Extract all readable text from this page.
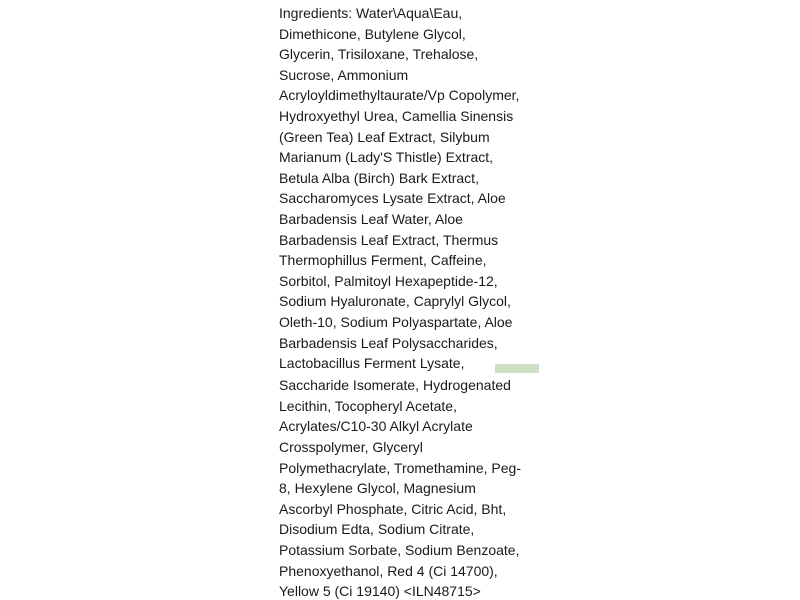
Ingredients: Water\Aqua\Eau,
Dimethicone, Butylene Glycol,
Glycerin, Trisiloxane, Trehalose,
Sucrose, Ammonium
Acryloyldimethyltaurate/Vp Copolymer,
Hydroxyethyl Urea, Camellia Sinensis
(Green Tea) Leaf Extract, Silybum
Marianum (Lady'S Thistle) Extract,
Betula Alba (Birch) Bark Extract,
Saccharomyces Lysate Extract, Aloe
Barbadensis Leaf Water, Aloe
Barbadensis Leaf Extract, Thermus
Thermophillus Ferment, Caffeine,
Sorbitol, Palmitoyl Hexapeptide-12,
Sodium Hyaluronate, Caprylyl Glycol,
Oleth-10, Sodium Polyaspartate, Aloe
Barbadensis Leaf Polysaccharides,
Lactobacillus Ferment Lysate,
Saccharide Isomerate, Hydrogenated
Lecithin, Tocopheryl Acetate,
Acrylates/C10-30 Alkyl Acrylate
Crosspolymer, Glyceryl
Polymethacrylate, Tromethamine, Peg-
8, Hexylene Glycol, Magnesium
Ascorbyl Phosphate, Citric Acid, Bht,
Disodium Edta, Sodium Citrate,
Potassium Sorbate, Sodium Benzoate,
Phenoxyethanol, Red 4 (Ci 14700),
Yellow 5 (Ci 19140) <ILN48715>
